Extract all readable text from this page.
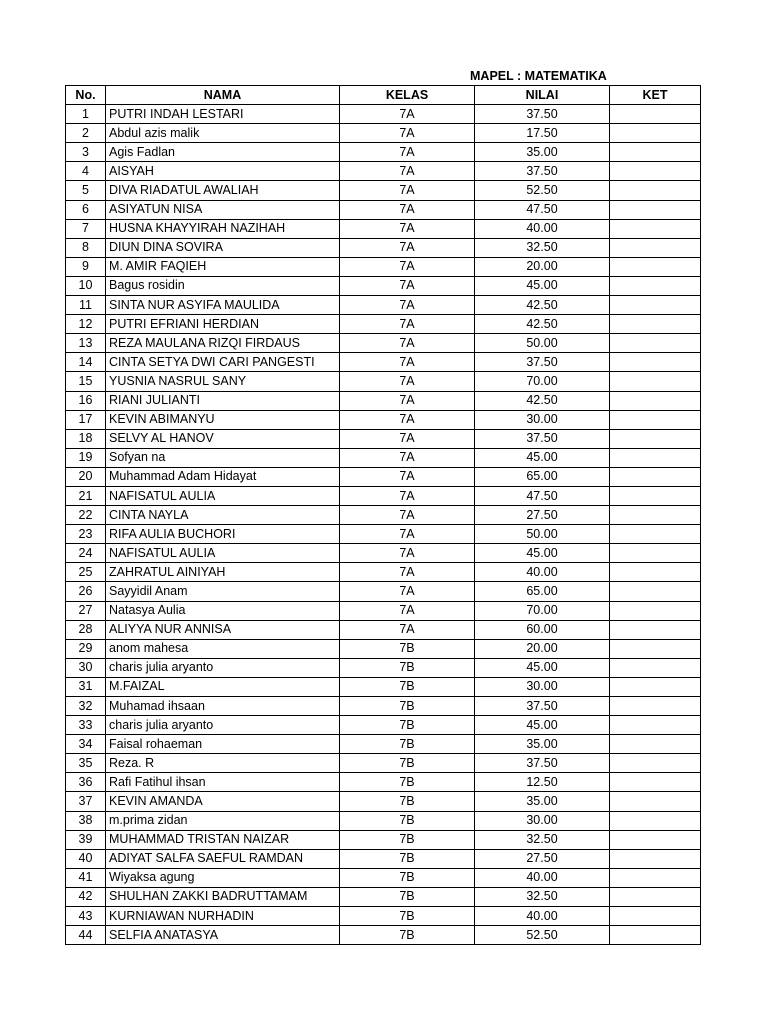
MAPEL : MATEMATIKA
No.	NAMA	KELAS	NILAI	KET
1	PUTRI INDAH LESTARI	7A	37.50	
2	Abdul azis malik	7A	17.50	
3	Agis Fadlan	7A	35.00	
4	AISYAH	7A	37.50	
5	DIVA RIADATUL AWALIAH	7A	52.50	
6	ASIYATUN NISA	7A	47.50	
7	HUSNA KHAYYIRAH NAZIHAH	7A	40.00	
8	DIUN DINA SOVIRA	7A	32.50	
9	M. AMIR FAQIEH	7A	20.00	
10	Bagus rosidin	7A	45.00	
11	SINTA NUR ASYIFA MAULIDA	7A	42.50	
12	PUTRI EFRIANI HERDIAN	7A	42.50	
13	REZA MAULANA RIZQI FIRDAUS	7A	50.00	
14	CINTA SETYA DWI CARI PANGESTI	7A	37.50	
15	YUSNIA NASRUL SANY	7A	70.00	
16	RIANI JULIANTI	7A	42.50	
17	KEVIN ABIMANYU	7A	30.00	
18	SELVY AL HANOV	7A	37.50	
19	Sofyan na	7A	45.00	
20	Muhammad Adam Hidayat	7A	65.00	
21	NAFISATUL AULIA	7A	47.50	
22	CINTA NAYLA	7A	27.50	
23	RIFA AULIA BUCHORI	7A	50.00	
24	NAFISATUL AULIA	7A	45.00	
25	ZAHRATUL AINIYAH	7A	40.00	
26	Sayyidil Anam	7A	65.00	
27	Natasya Aulia	7A	70.00	
28	ALIYYA NUR ANNISA	7A	60.00	
29	anom mahesa	7B	20.00	
30	charis julia aryanto	7B	45.00	
31	M.FAIZAL	7B	30.00	
32	Muhamad ihsaan	7B	37.50	
33	charis julia aryanto	7B	45.00	
34	Faisal rohaeman	7B	35.00	
35	Reza. R	7B	37.50	
36	Rafi Fatihul ihsan	7B	12.50	
37	KEVIN AMANDA	7B	35.00	
38	m.prima zidan	7B	30.00	
39	MUHAMMAD TRISTAN NAIZAR	7B	32.50	
40	ADIYAT SALFA SAEFUL RAMDAN	7B	27.50	
41	Wiyaksa agung	7B	40.00	
42	SHULHAN ZAKKI BADRUTTAMAM	7B	32.50	
43	KURNIAWAN NURHADIN	7B	40.00	
44	SELFIA ANATASYA	7B	52.50	
